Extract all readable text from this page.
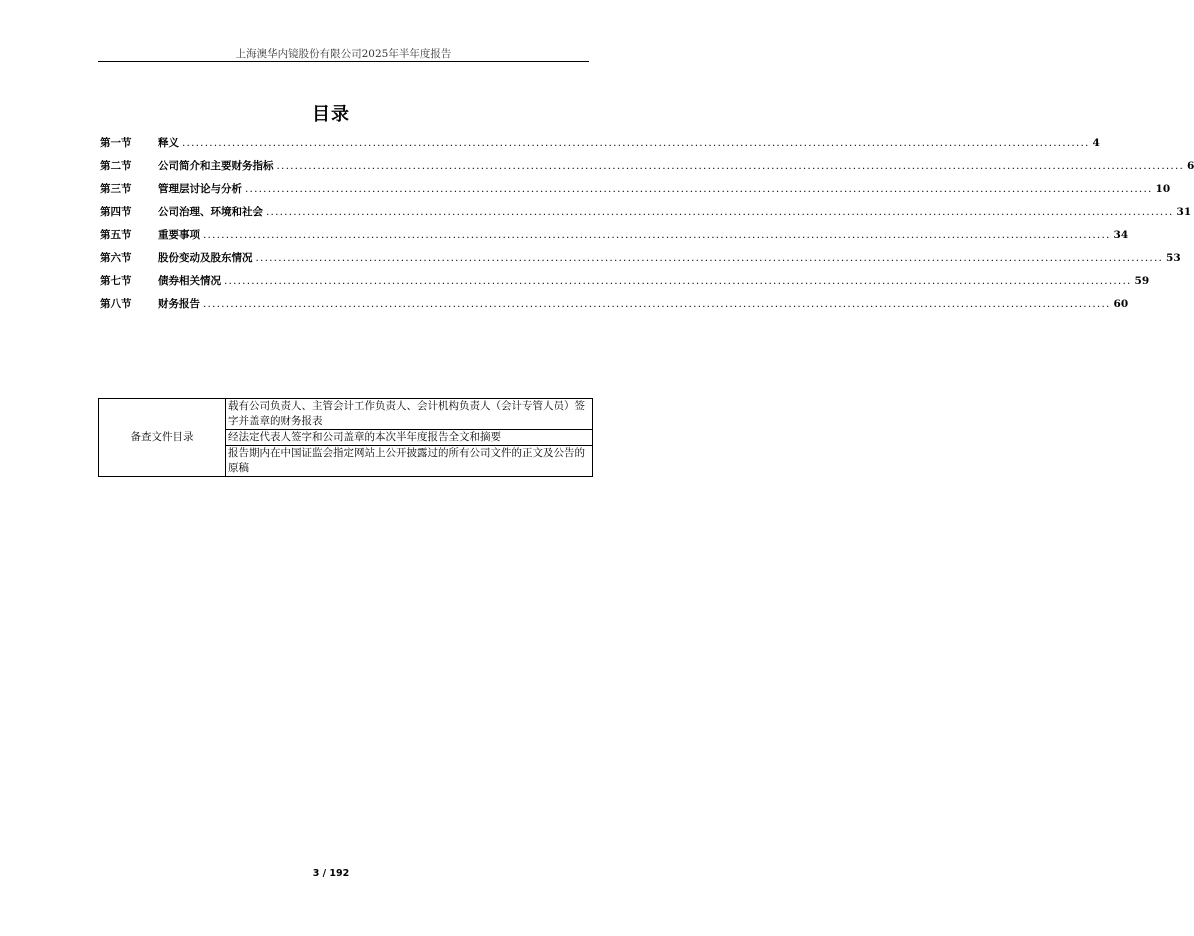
上海澳华内镜股份有限公司2025年半年度报告
目录
第一节	释义 ........................................................................................................................................................................................................ 4
第二节	公司简介和主要财务指标 ........................................................................................................................................................................................................ 6
第三节	管理层讨论与分析 ........................................................................................................................................................................................................ 10
第四节	公司治理、环境和社会 ........................................................................................................................................................................................................ 31
第五节	重要事项 ........................................................................................................................................................................................................ 34
第六节	股份变动及股东情况 ........................................................................................................................................................................................................ 53
第七节	债券相关情况 ........................................................................................................................................................................................................ 59
第八节	财务报告 ........................................................................................................................................................................................................ 60
备查文件目录	载有公司负责人、主管会计工作负责人、会计机构负责人（会计专管人员）签字并盖章的财务报表
经法定代表人签字和公司盖章的本次半年度报告全文和摘要
报告期内在中国证监会指定网站上公开披露过的所有公司文件的正文及公告的原稿
3 / 192
